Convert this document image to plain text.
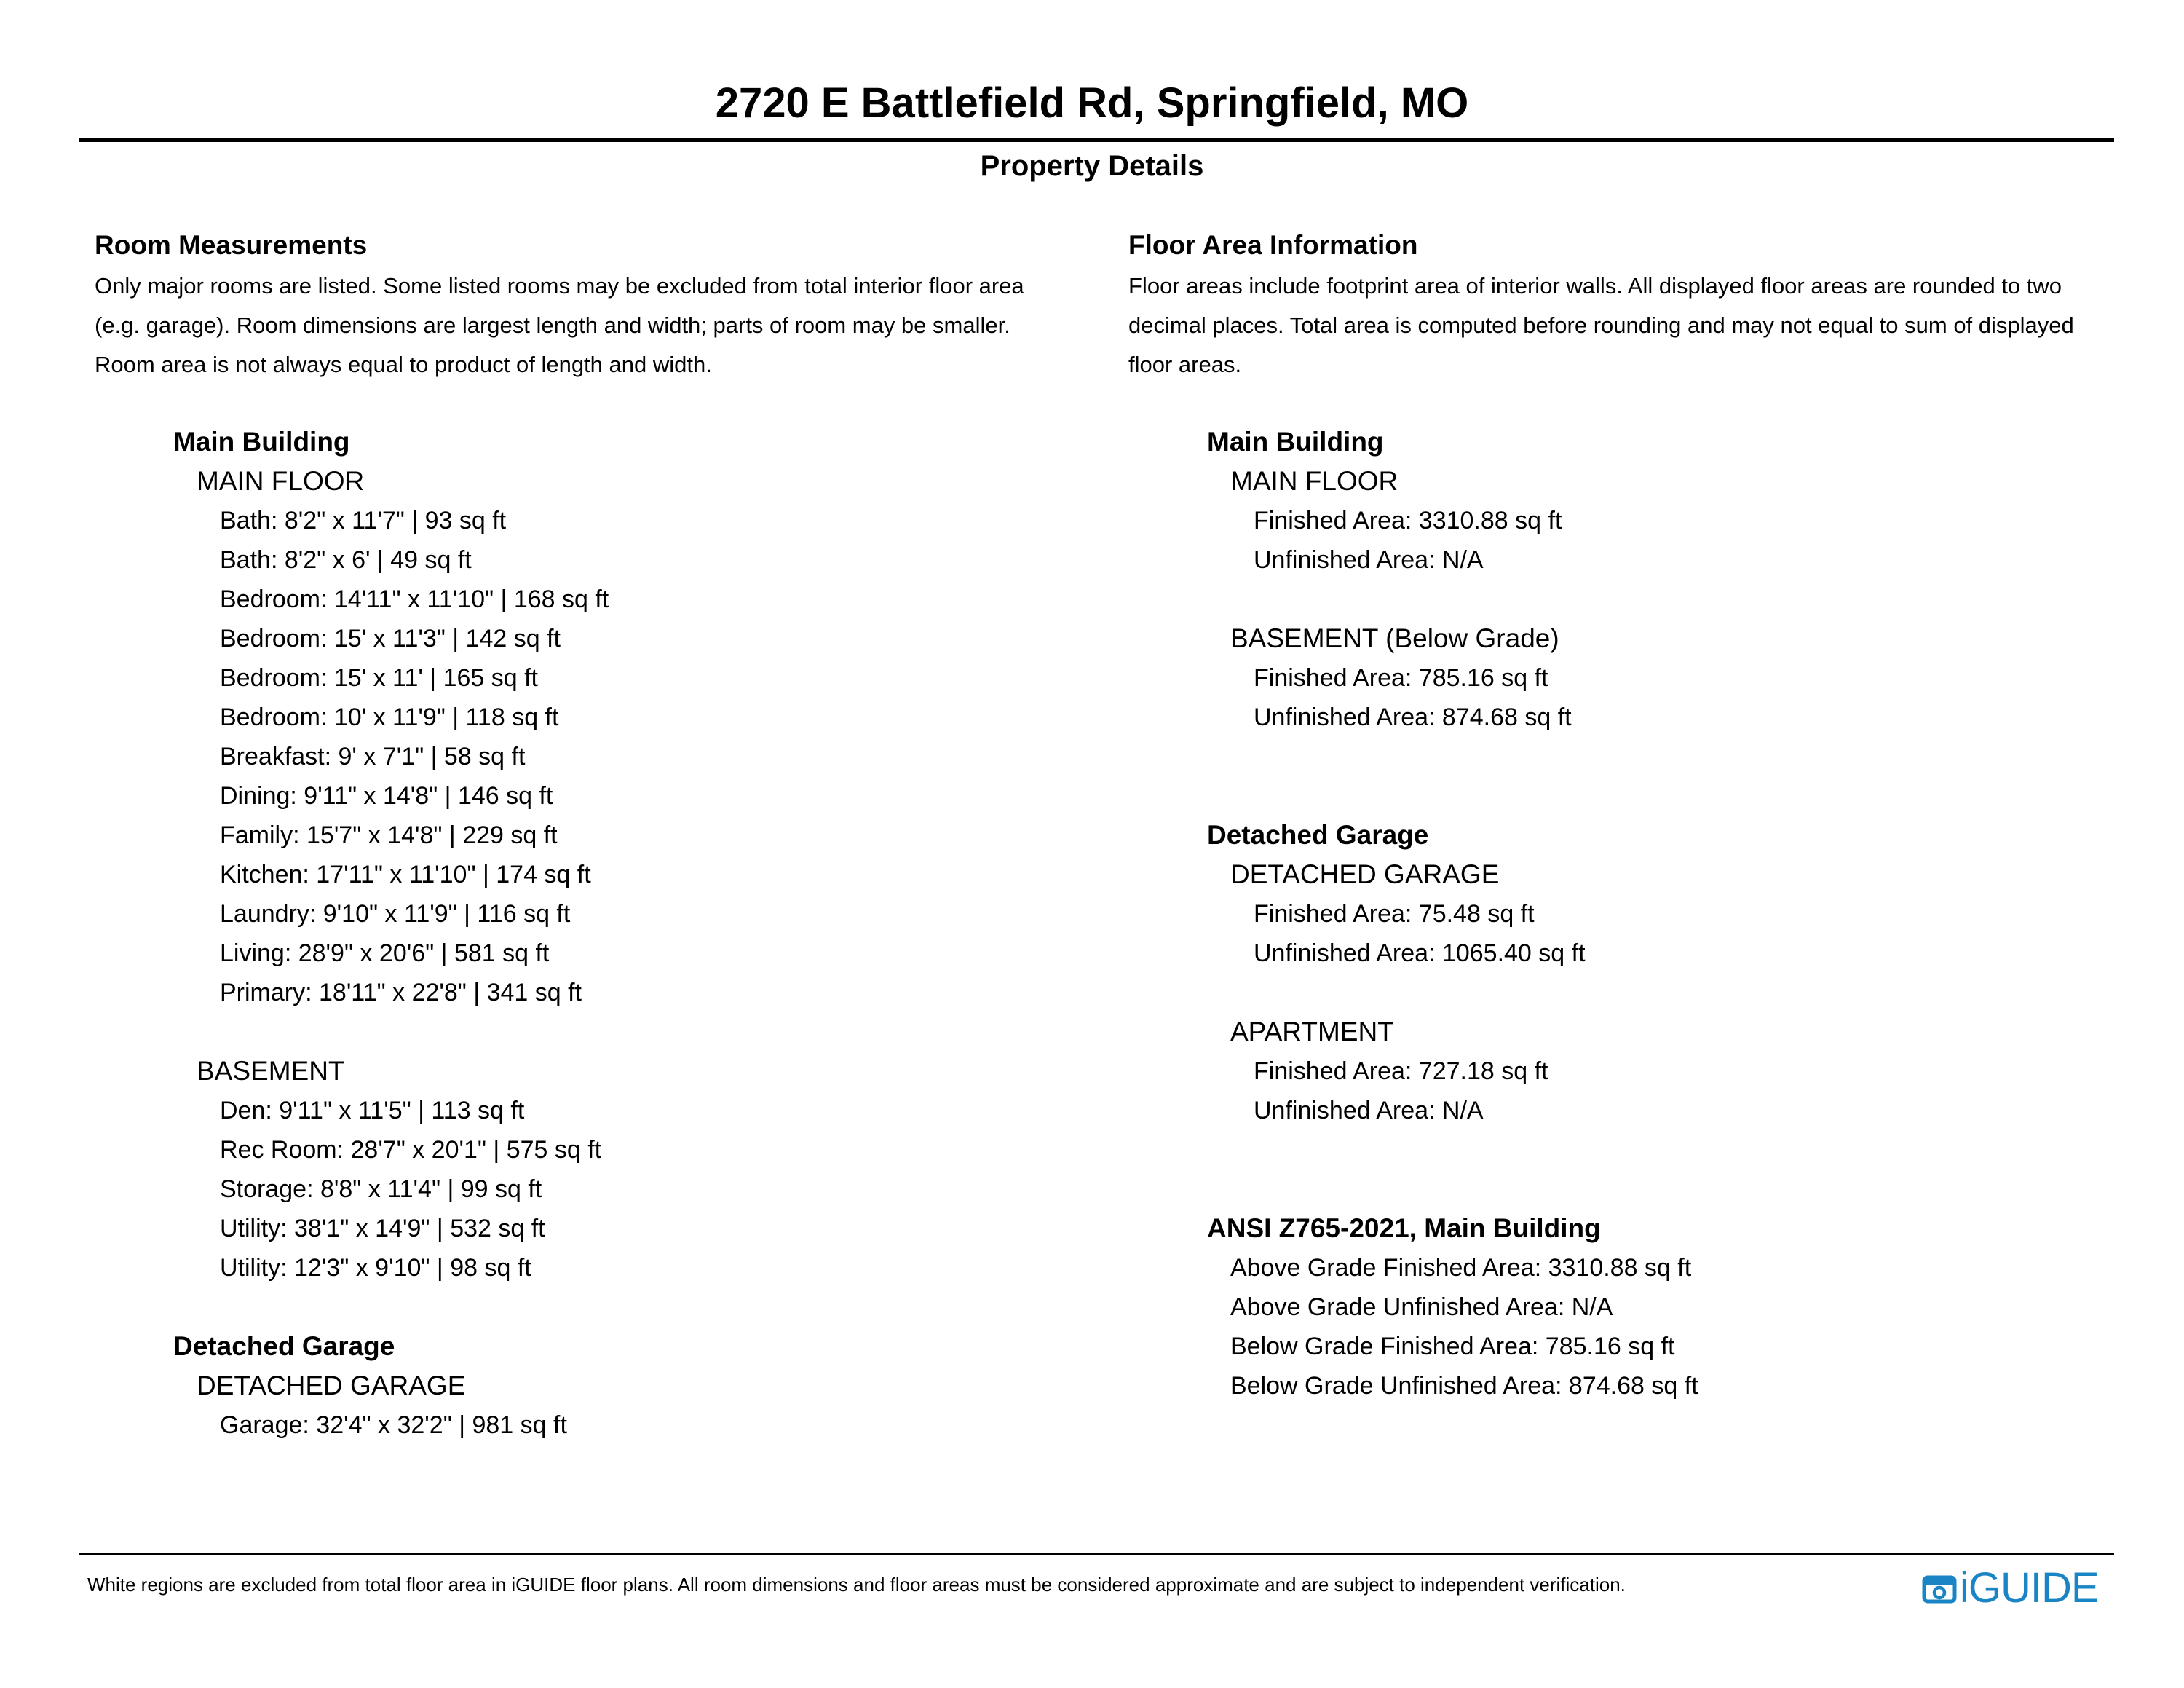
2720 E Battlefield Rd, Springfield, MO
Property Details
Room Measurements

Only major rooms are listed. Some listed rooms may be excluded from total interior floor area
(e.g. garage). Room dimensions are largest length and width; parts of room may be smaller.
Room area is not always equal to product of length and width.

Main Building
MAIN FLOOR
Bath: 8'2" x 11'7" | 93 sq ft
Bath: 8'2" x 6' | 49 sq ft
Bedroom: 14'11" x 11'10" | 168 sq ft
Bedroom: 15' x 11'3" | 142 sq ft
Bedroom: 15' x 11' | 165 sq ft
Bedroom: 10' x 11'9" | 118 sq ft
Breakfast: 9' x 7'1" | 58 sq ft
Dining: 9'11" x 14'8" | 146 sq ft
Family: 15'7" x 14'8" | 229 sq ft
Kitchen: 17'11" x 11'10" | 174 sq ft
Laundry: 9'10" x 11'9" | 116 sq ft
Living: 28'9" x 20'6" | 581 sq ft
Primary: 18'11" x 22'8" | 341 sq ft
BASEMENT
Den: 9'11" x 11'5" | 113 sq ft
Rec Room: 28'7" x 20'1" | 575 sq ft
Storage: 8'8" x 11'4" | 99 sq ft
Utility: 38'1" x 14'9" | 532 sq ft
Utility: 12'3" x 9'10" | 98 sq ft
Detached Garage
DETACHED GARAGE
Garage: 32'4" x 32'2" | 981 sq ft
Floor Area Information

Floor areas include footprint area of interior walls. All displayed floor areas are rounded to two
decimal places. Total area is computed before rounding and may not equal to sum of displayed
floor areas.

Main Building
MAIN FLOOR
Finished Area: 3310.88 sq ft
Unfinished Area: N/A
BASEMENT (Below Grade)
Finished Area: 785.16 sq ft
Unfinished Area: 874.68 sq ft
Detached Garage
DETACHED GARAGE
Finished Area: 75.48 sq ft
Unfinished Area: 1065.40 sq ft
APARTMENT
Finished Area: 727.18 sq ft
Unfinished Area: N/A
ANSI Z765-2021, Main Building
Above Grade Finished Area: 3310.88 sq ft
Above Grade Unfinished Area: N/A
Below Grade Finished Area: 785.16 sq ft
Below Grade Unfinished Area: 874.68 sq ft
White regions are excluded from total floor area in iGUIDE floor plans. All room dimensions and floor areas must be considered approximate and are subject to independent verification.	iGUIDE
